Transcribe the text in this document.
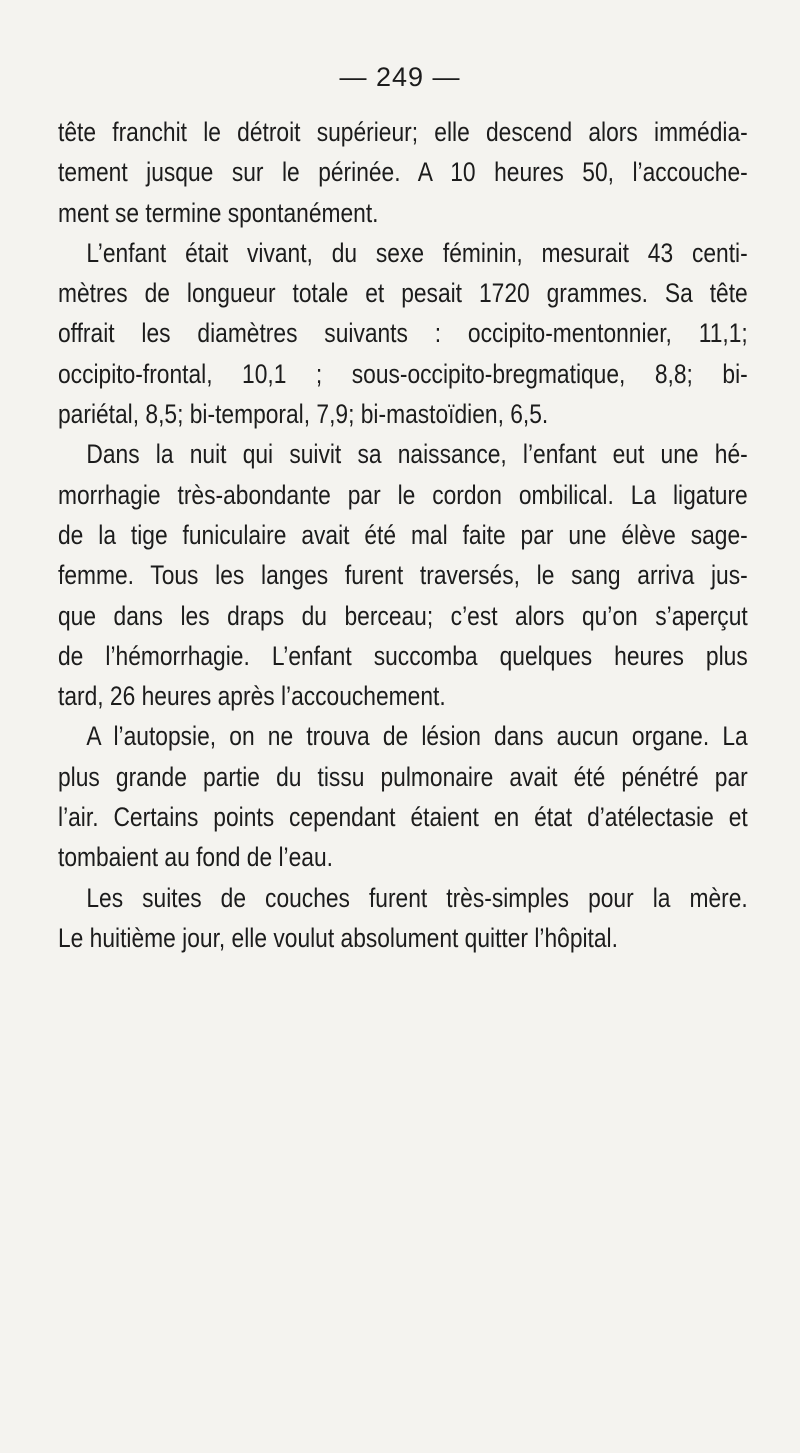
— 249 —
tête franchit le détroit supérieur; elle descend alors immédia-
tement jusque sur le périnée. A 10 heures 50, l’accouche-
ment se termine spontanément.
L’enfant était vivant, du sexe féminin, mesurait 43 centi-
mètres de longueur totale et pesait 1720 grammes. Sa tête
offrait les diamètres suivants : occipito-mentonnier, 11,1;
occipito-frontal, 10,1 ; sous-occipito-bregmatique, 8,8; bi-
pariétal, 8,5; bi-temporal, 7,9; bi-mastoïdien, 6,5.
Dans la nuit qui suivit sa naissance, l’enfant eut une hé-
morrhagie très-abondante par le cordon ombilical. La ligature
de la tige funiculaire avait été mal faite par une élève sage-
femme. Tous les langes furent traversés, le sang arriva jus-
que dans les draps du berceau; c’est alors qu’on s’aperçut
de l’hémorrhagie. L’enfant succomba quelques heures plus
tard, 26 heures après l’accouchement.
A l’autopsie, on ne trouva de lésion dans aucun organe. La
plus grande partie du tissu pulmonaire avait été pénétré par
l’air. Certains points cependant étaient en état d’atélectasie et
tombaient au fond de l’eau.
Les suites de couches furent très-simples pour la mère.
Le huitième jour, elle voulut absolument quitter l’hôpital.
